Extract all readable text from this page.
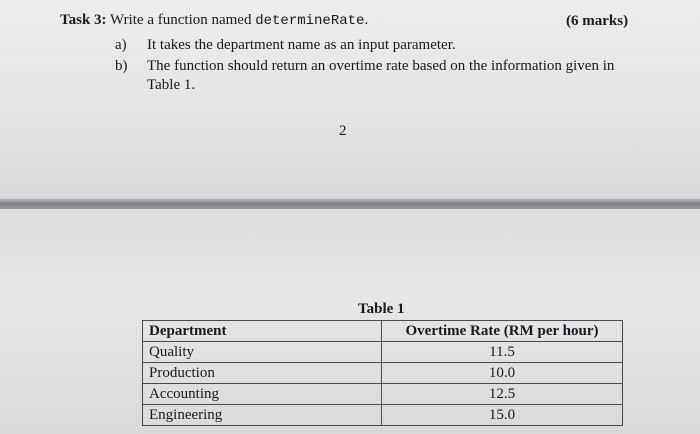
Task 3: Write a function named determineRate.	(6 marks)
a)	It takes the department name as an input parameter.
b)	The function should return an overtime rate based on the information given in
Table 1.
2
Table 1
Department	Overtime Rate (RM per hour)
Quality	11.5
Production	10.0
Accounting	12.5
Engineering	15.0
